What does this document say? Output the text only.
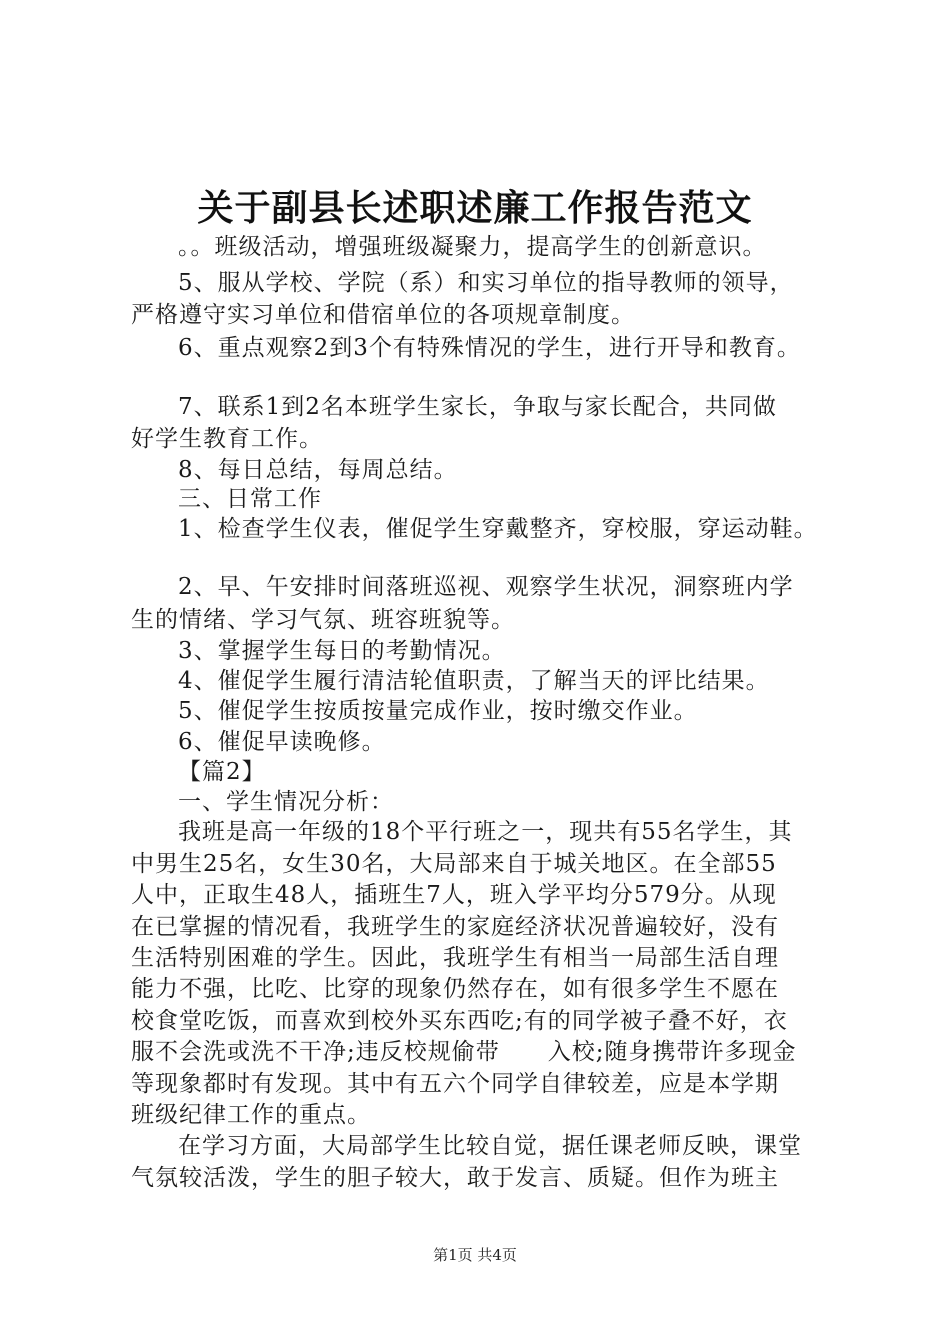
关于副县长述职述廉工作报告范文
。。班级活动，增强班级凝聚力，提高学生的创新意识。
5、服从学校、学院（系）和实习单位的指导教师的领导，
严格遵守实习单位和借宿单位的各项规章制度。
6、重点观察2到3个有特殊情况的学生，进行开导和教育。
7、联系1到2名本班学生家长，争取与家长配合，共同做
好学生教育工作。
8、每日总结，每周总结。
三、日常工作
1、检查学生仪表，催促学生穿戴整齐，穿校服，穿运动鞋。
2、早、午安排时间落班巡视、观察学生状况，洞察班内学
生的情绪、学习气氛、班容班貌等。
3、掌握学生每日的考勤情况。
4、催促学生履行清洁轮值职责，了解当天的评比结果。
5、催促学生按质按量完成作业，按时缴交作业。
6、催促早读晚修。
【篇2】
一、学生情况分析：
我班是高一年级的18个平行班之一，现共有55名学生，其
中男生25名，女生30名，大局部来自于城关地区。在全部55
人中，正取生48人，插班生7人，班入学平均分579分。从现
在已掌握的情况看，我班学生的家庭经济状况普遍较好，没有
生活特别困难的学生。因此，我班学生有相当一局部生活自理
能力不强，比吃、比穿的现象仍然存在，如有很多学生不愿在
校食堂吃饭，而喜欢到校外买东西吃;有的同学被子叠不好，衣
服不会洗或洗不干净;违反校规偷带　　入校;随身携带许多现金
等现象都时有发现。其中有五六个同学自律较差，应是本学期
班级纪律工作的重点。
在学习方面，大局部学生比较自觉，据任课老师反映，课堂
气氛较活泼，学生的胆子较大，敢于发言、质疑。但作为班主
第1页 共4页
